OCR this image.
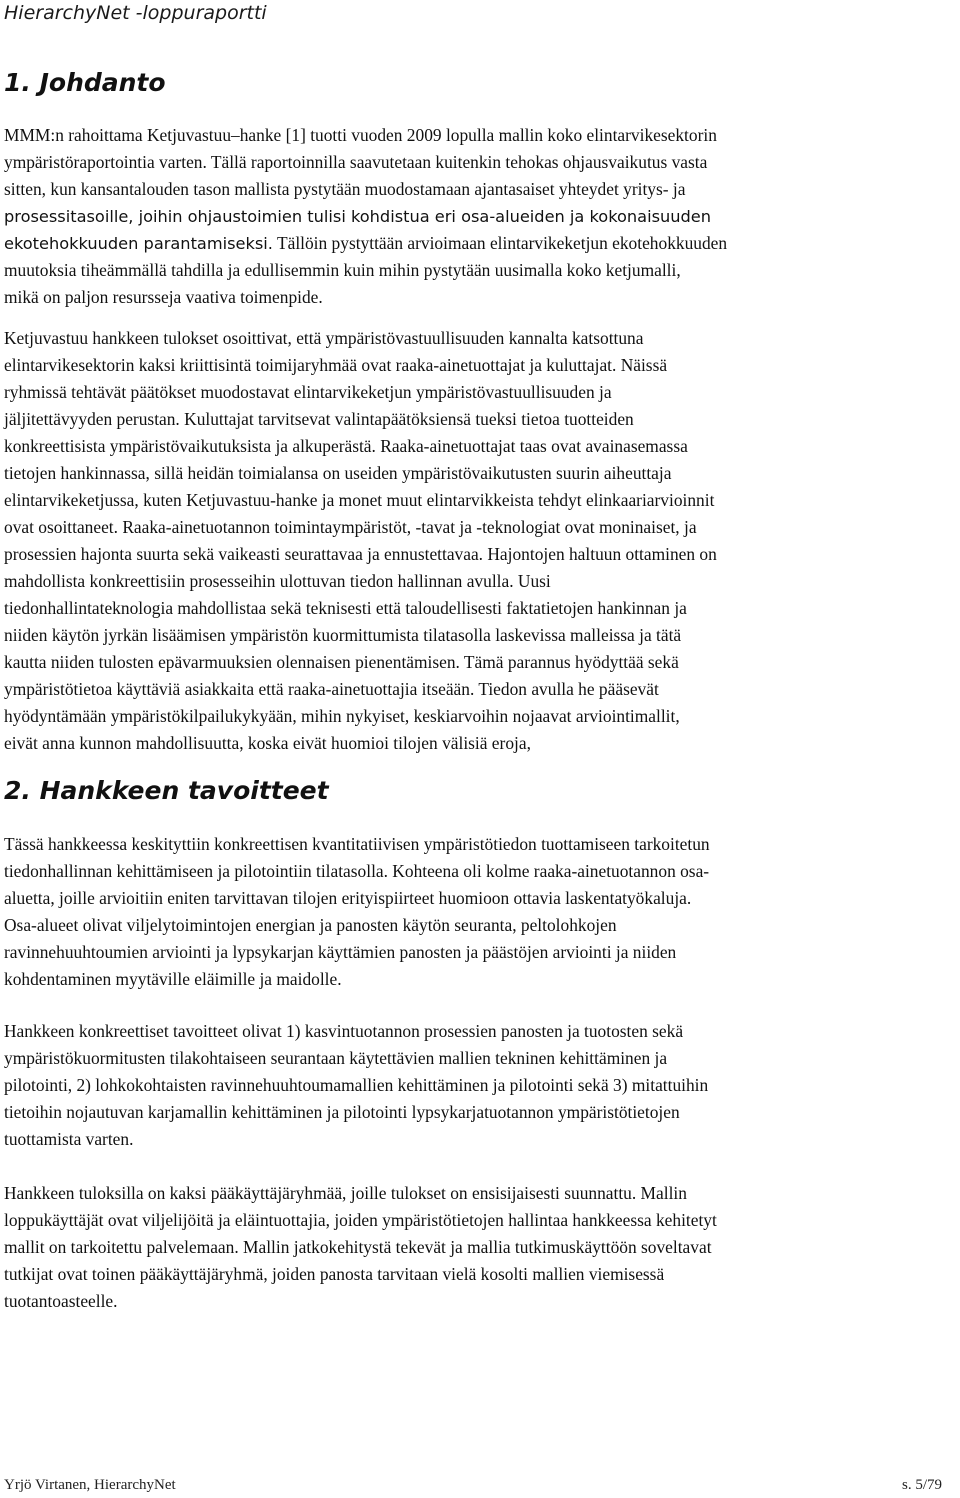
HierarchyNet -loppuraportti
1. Johdanto
MMM:n rahoittama Ketjuvastuu–hanke [1] tuotti vuoden 2009 lopulla mallin koko elintarvikesektorin
ympäristöraportointia varten. Tällä raportoinnilla saavutetaan kuitenkin tehokas ohjausvaikutus vasta
sitten, kun kansantalouden tason mallista pystytään muodostamaan ajantasaiset yhteydet yritys- ja
prosessitasoille, joihin ohjaustoimien tulisi kohdistua eri osa-alueiden ja kokonaisuuden
ekotehokkuuden parantamiseksi. Tällöin pystyttään arvioimaan elintarvikeketjun ekotehokkuuden
muutoksia tiheämmällä tahdilla ja edullisemmin kuin mihin pystytään uusimalla koko ketjumalli,
mikä on paljon resursseja vaativa toimenpide.
Ketjuvastuu hankkeen tulokset osoittivat, että ympäristövastuullisuuden kannalta katsottuna
elintarvikesektorin kaksi kriittisintä toimijaryhmää ovat raaka-ainetuottajat ja kuluttajat. Näissä
ryhmissä tehtävät päätökset muodostavat elintarvikeketjun ympäristövastuullisuuden ja
jäljitettävyyden perustan. Kuluttajat tarvitsevat valintapäätöksiensä tueksi tietoa tuotteiden
konkreettisista ympäristövaikutuksista ja alkuperästä. Raaka-ainetuottajat taas ovat avainasemassa
tietojen hankinnassa, sillä heidän toimialansa on useiden ympäristövaikutusten suurin aiheuttaja
elintarvikeketjussa, kuten Ketjuvastuu-hanke ja monet muut elintarvikkeista tehdyt elinkaariarvioinnit
ovat osoittaneet. Raaka-ainetuotannon toimintaympäristöt, -tavat ja -teknologiat ovat moninaiset, ja
prosessien hajonta suurta sekä vaikeasti seurattavaa ja ennustettavaa. Hajontojen haltuun ottaminen on
mahdollista konkreettisiin prosesseihin ulottuvan tiedon hallinnan avulla. Uusi
tiedonhallintateknologia mahdollistaa sekä teknisesti että taloudellisesti faktatietojen hankinnan ja
niiden käytön jyrkän lisäämisen ympäristön kuormittumista tilatasolla laskevissa malleissa ja tätä
kautta niiden tulosten epävarmuuksien olennaisen pienentämisen. Tämä parannus hyödyttää sekä
ympäristötietoa käyttäviä asiakkaita että raaka-ainetuottajia itseään. Tiedon avulla he pääsevät
hyödyntämään ympäristökilpailukykyään, mihin nykyiset, keskiarvoihin nojaavat arviointimallit,
eivät anna kunnon mahdollisuutta, koska eivät huomioi tilojen välisiä eroja,
2. Hankkeen tavoitteet
Tässä hankkeessa keskityttiin konkreettisen kvantitatiivisen ympäristötiedon tuottamiseen tarkoitetun
tiedonhallinnan kehittämiseen ja pilotointiin tilatasolla. Kohteena oli kolme raaka-ainetuotannon osa-
aluetta, joille arvioitiin eniten tarvittavan tilojen erityispiirteet huomioon ottavia laskentatyökaluja.
Osa-alueet olivat viljelytoimintojen energian ja panosten käytön seuranta, peltolohkojen
ravinnehuuhtoumien arviointi ja lypsykarjan käyttämien panosten ja päästöjen arviointi ja niiden
kohdentaminen myytäville eläimille ja maidolle.
Hankkeen konkreettiset tavoitteet olivat 1) kasvintuotannon prosessien panosten ja tuotosten sekä
ympäristökuormitusten tilakohtaiseen seurantaan käytettävien mallien tekninen kehittäminen ja
pilotointi, 2) lohkokohtaisten ravinnehuuhtoumamallien kehittäminen ja pilotointi sekä 3) mitattuihin
tietoihin nojautuvan karjamallin kehittäminen ja pilotointi lypsykarjatuotannon ympäristötietojen
tuottamista varten.
Hankkeen tuloksilla on kaksi pääkäyttäjäryhmää, joille tulokset on ensisijaisesti suunnattu. Mallin
loppukäyttäjät ovat viljelijöitä ja eläintuottajia, joiden ympäristötietojen hallintaa hankkeessa kehitetyt
mallit on tarkoitettu palvelemaan. Mallin jatkokehitystä tekevät ja mallia tutkimuskäyttöön soveltavat
tutkijat ovat toinen pääkäyttäjäryhmä, joiden panosta tarvitaan vielä kosolti mallien viemisessä
tuotantoasteelle.
Yrjö Virtanen, HierarchyNet	s. 5/79
